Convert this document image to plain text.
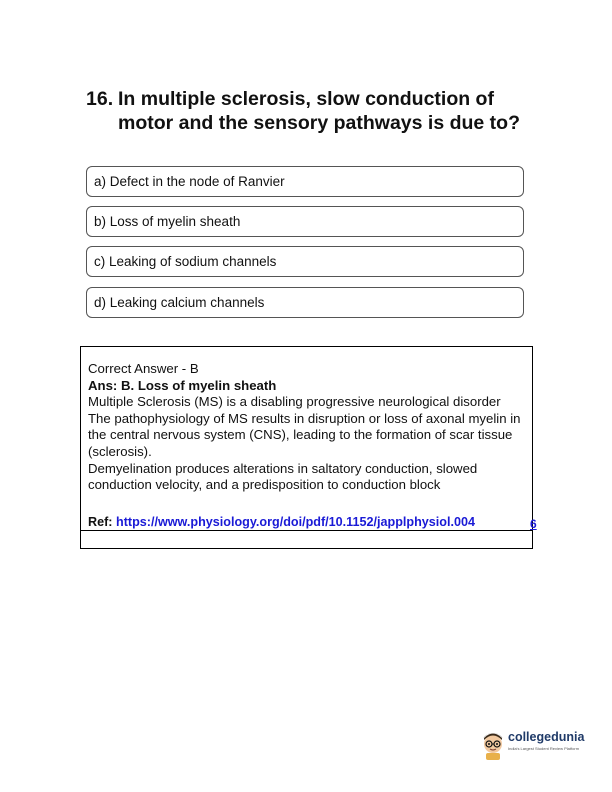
16. In multiple sclerosis, slow conduction of motor and the sensory pathways is due to?
a) Defect in the node of Ranvier
b) Loss of myelin sheath
c) Leaking of sodium channels
d) Leaking calcium channels
Correct Answer - B
Ans: B. Loss of myelin sheath
Multiple Sclerosis (MS) is a disabling progressive neurological disorder
The pathophysiology of MS results in disruption or loss of axonal myelin in the central nervous system (CNS), leading to the formation of scar tissue (sclerosis).
Demyelination produces alterations in saltatory conduction, slowed conduction velocity, and a predisposition to conduction block
Ref: https://www.physiology.org/doi/pdf/10.1152/japplphysiol.004	6
collegedunia
India's Largest Student Review Platform
